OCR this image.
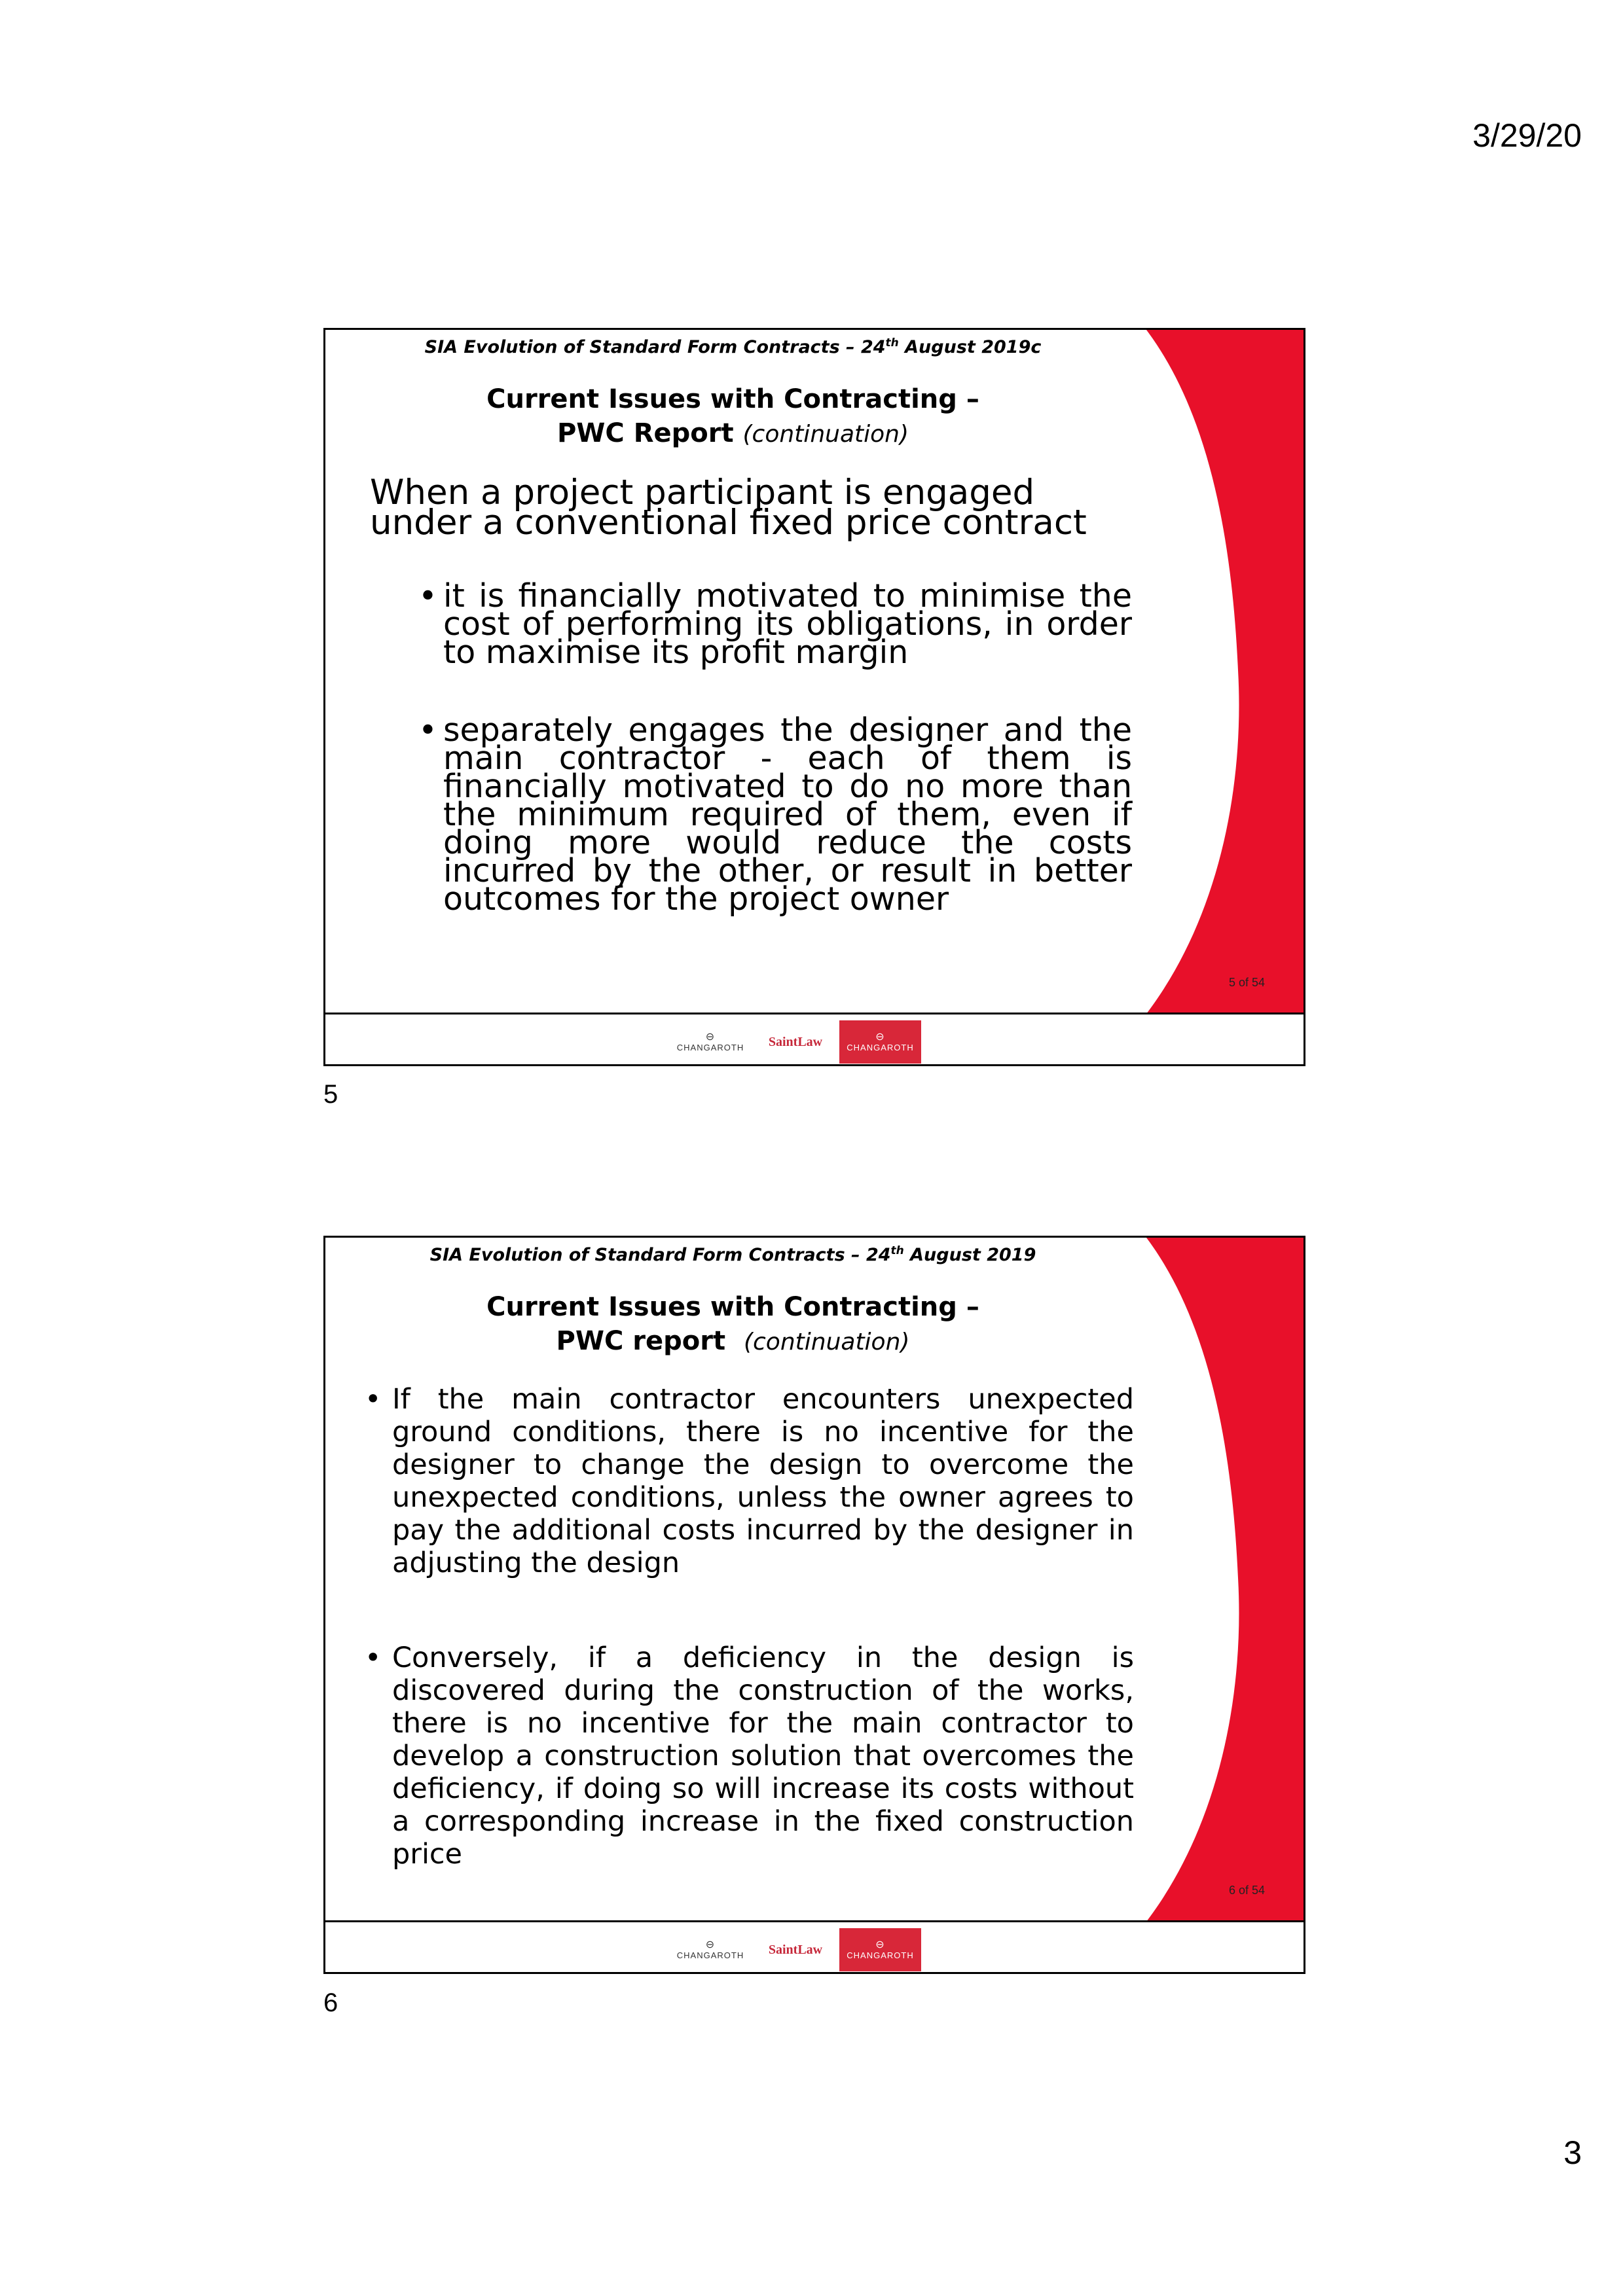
3/29/20
SIA Evolution of Standard Form Contracts – 24th August 2019c
Current Issues with Contracting –
PWC Report (continuation)
When a project participant is engaged under a conventional fixed price contract
• it is financially motivated to minimise the cost of performing its obligations, in order to maximise its profit margin
• separately engages the designer and the main contractor - each of them is financially motivated to do no more than the minimum required of them, even if doing more would reduce the costs incurred by the other, or result in better outcomes for the project owner
5 of 54
⊖
CHANGAROTH SaintLaw	⊖
CHANGAROTH
5
SIA Evolution of Standard Form Contracts – 24th August 2019
Current Issues with Contracting –
PWC report (continuation)
• If the main contractor encounters unexpected ground conditions, there is no incentive for the designer to change the design to overcome the unexpected conditions, unless the owner agrees to pay the additional costs incurred by the designer in adjusting the design
• Conversely, if a deficiency in the design is discovered during the construction of the works, there is no incentive for the main contractor to develop a construction solution that overcomes the deficiency, if doing so will increase its costs without a corresponding increase in the fixed construction price
6 of 54
⊖
CHANGAROTH SaintLaw	⊖
CHANGAROTH
6
3
